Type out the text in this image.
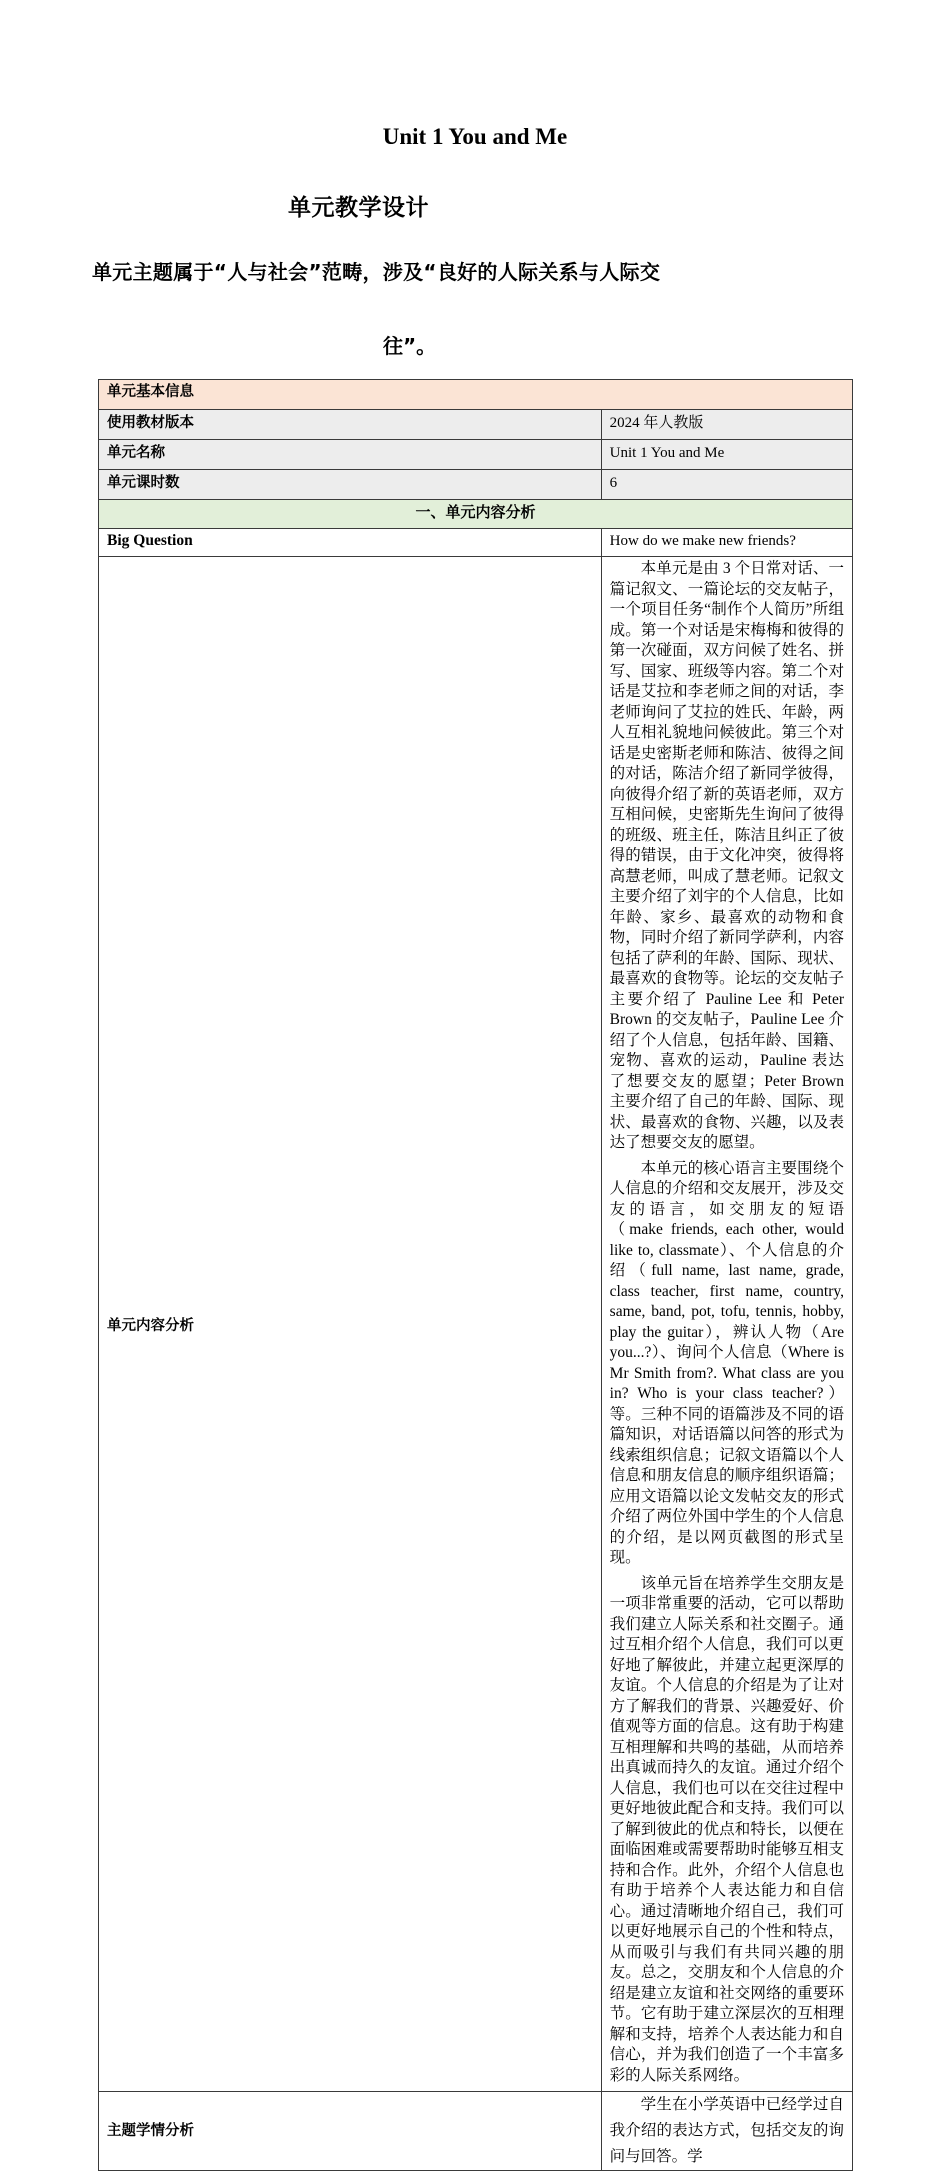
Unit 1 You and Me
单元教学设计
单元主题属于“人与社会”范畴，涉及“良好的人际关系与人际交
往”。
单元基本信息	
使用教材版本	2024 年人教版
单元名称	Unit 1 You and Me
单元课时数	6
一、单元内容分析	
Big Question	How do we make new friends?
单元内容分析	本单元是由 3 个日常对话、一篇记叙文、一篇论坛的交友帖子，一个项目任务“制作个人简历”所组成。第一个对话是宋梅梅和彼得的第一次碰面，双方问候了姓名、拼写、国家、班级等内容。第二个对话是艾拉和李老师之间的对话，李老师询问了艾拉的姓氏、年龄，两人互相礼貌地问候彼此。第三个对话是史密斯老师和陈洁、彼得之间的对话，陈洁介绍了新同学彼得，向彼得介绍了新的英语老师，双方互相问候，史密斯先生询问了彼得的班级、班主任，陈洁且纠正了彼得的错误，由于文化冲突，彼得将高慧老师，叫成了慧老师。记叙文主要介绍了刘宇的个人信息，比如年龄、家乡、最喜欢的动物和食物，同时介绍了新同学萨利，内容包括了萨利的年龄、国际、现状、最喜欢的食物等。论坛的交友帖子主要介绍了 Pauline Lee 和 Peter Brown 的交友帖子，Pauline Lee 介绍了个人信息，包括年龄、国籍、宠物、喜欢的运动，Pauline 表达了想要交友的愿望；Peter Brown 主要介绍了自己的年龄、国际、现状、最喜欢的食物、兴趣，以及表达了想要交友的愿望。

本单元的核心语言主要围绕个人信息的介绍和交友展开，涉及交友的语言，如交朋友的短语（make friends, each other, would like to, classmate）、个人信息的介绍（full name, last name, grade, class teacher, first name, country, same, band, pot, tofu, tennis, hobby, play the guitar），辨认人物（Are you...?）、询问个人信息（Where is Mr Smith from?. What class are you in? Who is your class teacher?）等。三种不同的语篇涉及不同的语篇知识，对话语篇以问答的形式为线索组织信息；记叙文语篇以个人信息和朋友信息的顺序组织语篇；应用文语篇以论文发帖交友的形式介绍了两位外国中学生的个人信息的介绍，是以网页截图的形式呈现。

该单元旨在培养学生交朋友是一项非常重要的活动，它可以帮助我们建立人际关系和社交圈子。通过互相介绍个人信息，我们可以更好地了解彼此，并建立起更深厚的友谊。个人信息的介绍是为了让对方了解我们的背景、兴趣爱好、价值观等方面的信息。这有助于构建互相理解和共鸣的基础，从而培养出真诚而持久的友谊。通过介绍个人信息，我们也可以在交往过程中更好地彼此配合和支持。我们可以了解到彼此的优点和特长，以便在面临困难或需要帮助时能够互相支持和合作。此外，介绍个人信息也有助于培养个人表达能力和自信心。通过清晰地介绍自己，我们可以更好地展示自己的个性和特点，从而吸引与我们有共同兴趣的朋友。总之，交朋友和个人信息的介绍是建立友谊和社交网络的重要环节。它有助于建立深层次的互相理解和支持，培养个人表达能力和自信心，并为我们创造了一个丰富多彩的人际关系网络。

主题学情分析	学生在小学英语中已经学过自我介绍的表达方式，包括交友的询问与回答。学
